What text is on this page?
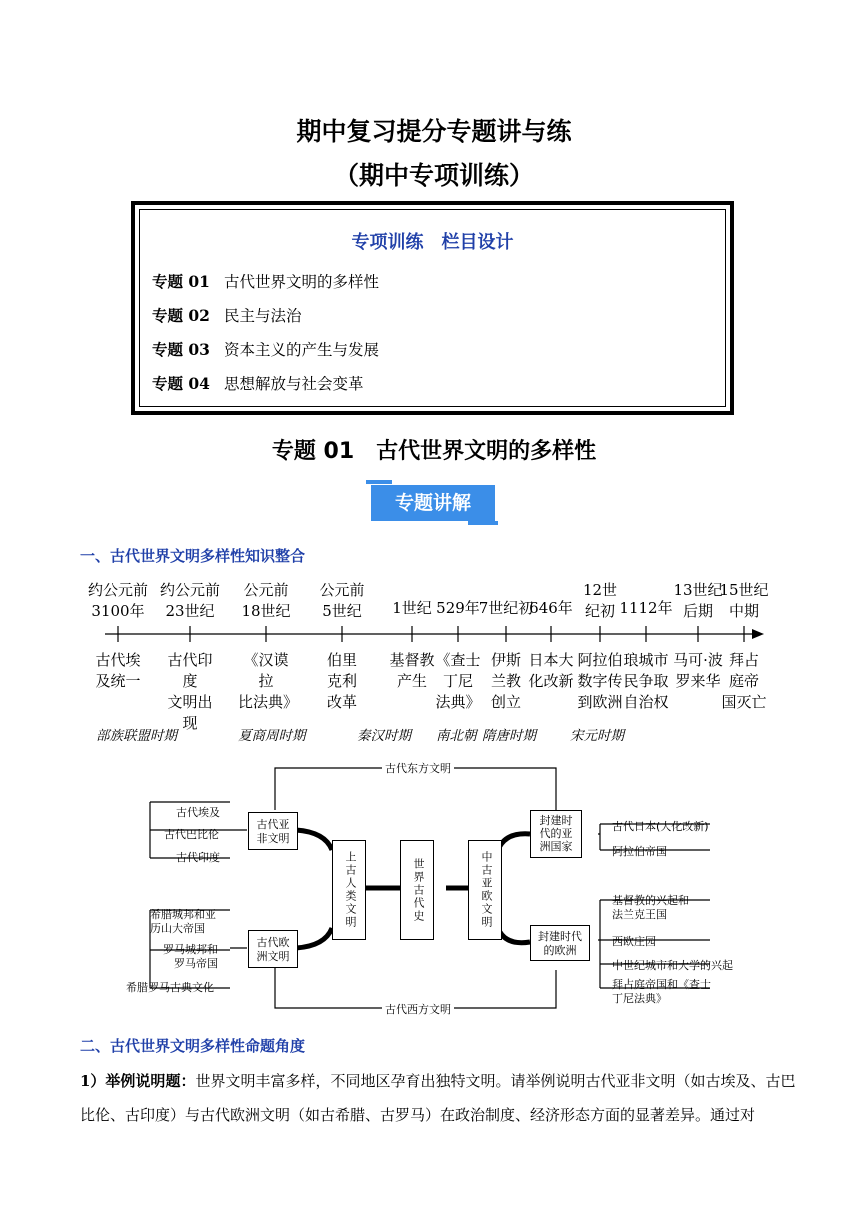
期中复习提分专题讲与练
（期中专项训练）
专项训练　栏目设计
专题 01 古代世界文明的多样性
专题 02 民主与法治
专题 03 资本主义的产生与发展
专题 04 思想解放与社会变革
专题 01　古代世界文明的多样性
专题讲解
一、古代世界文明多样性知识整合
约公元前
3100年
约公元前
23世纪
公元前
18世纪
公元前
5世纪	1世纪 529年
7世纪初
646年
12世
纪初 1112年
13世纪
后期
15世纪
中期
古代埃
及统一
古代印度
文明出现
《汉谟拉
比法典》
伯里
克利
改革
基督教
产生
《查士
丁尼
法典》
伊斯
兰教
创立
日本大
化改新
阿拉伯
数字传
到欧洲
琅城市
民争取
自治权
马可·波
罗来华
拜占
庭帝
国灭亡
部族联盟时期	夏商周时期	秦汉时期 南北朝 隋唐时期	宋元时期
古代东方文明
古代西方文明
古代埃及
古代巴比伦
古代印度
古代亚
非文明
古代欧
洲文明
希腊城邦和亚
历山大帝国
罗马城邦和
罗马帝国
希腊罗马古典文化
上古人类文明	世界古代史	中古亚欧文明
封建时
代的亚
洲国家
封建时代
的欧洲
古代日本(大化改新)
阿拉伯帝国
基督教的兴起和
法兰克王国
西欧庄园
中世纪城市和大学的兴起
拜占庭帝国和《查士
丁尼法典》
二、古代世界文明多样性命题角度
1）举例说明题：世界文明丰富多样，不同地区孕育出独特文明。请举例说明古代亚非文明（如古埃及、古巴比伦、古印度）与古代欧洲文明（如古希腊、古罗马）在政治制度、经济形态方面的显著差异。通过对
